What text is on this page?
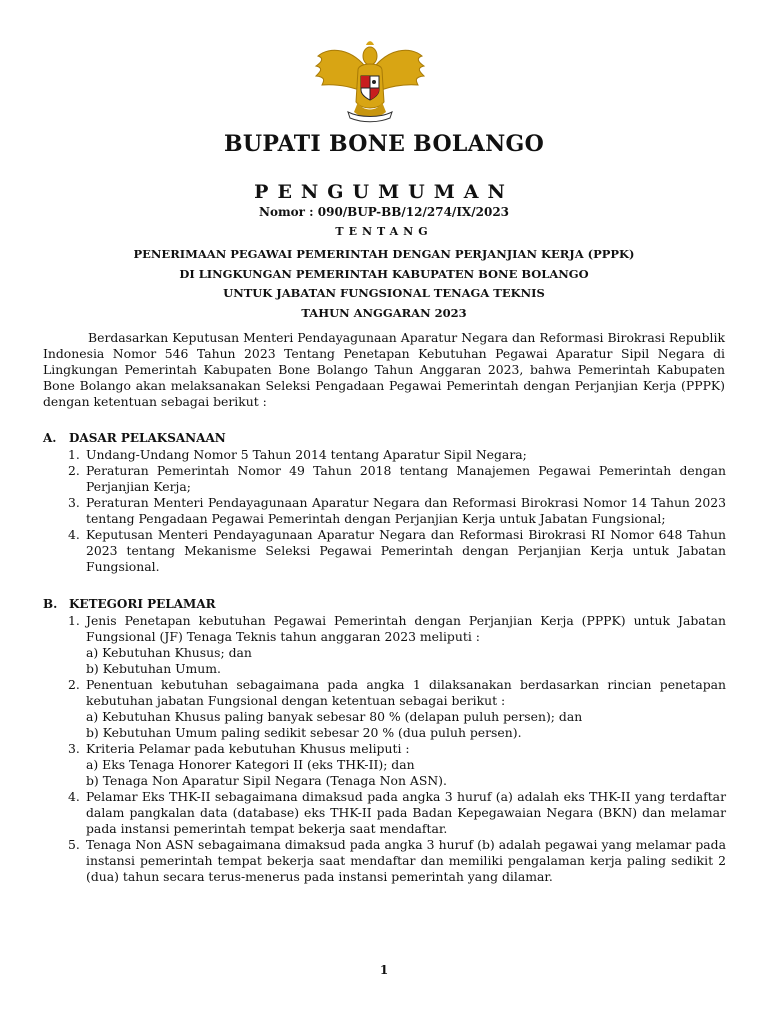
BUPATI BONE BOLANGO
PENGUMUMAN
Nomor : 090/BUP-BB/12/274/IX/2023
TENTANG
PENERIMAAN PEGAWAI PEMERINTAH DENGAN PERJANJIAN KERJA (PPPK)
DI LINGKUNGAN PEMERINTAH KABUPATEN BONE BOLANGO
UNTUK JABATAN FUNGSIONAL TENAGA TEKNIS
TAHUN ANGGARAN 2023

Berdasarkan Keputusan Menteri Pendayagunaan Aparatur Negara dan Reformasi Birokrasi Republik Indonesia Nomor 546 Tahun 2023 Tentang Penetapan Kebutuhan Pegawai Aparatur Sipil Negara di Lingkungan Pemerintah Kabupaten Bone Bolango Tahun Anggaran 2023, bahwa Pemerintah Kabupaten Bone Bolango akan melaksanakan Seleksi Pengadaan Pegawai Pemerintah dengan Perjanjian Kerja (PPPK) dengan ketentuan sebagai berikut :

A. DASAR PELAKSANAAN
1. Undang-Undang Nomor 5 Tahun 2014 tentang Aparatur Sipil Negara;
2. Peraturan Pemerintah Nomor 49 Tahun 2018 tentang Manajemen Pegawai Pemerintah dengan Perjanjian Kerja;
3. Peraturan Menteri Pendayagunaan Aparatur Negara dan Reformasi Birokrasi Nomor 14 Tahun 2023 tentang Pengadaan Pegawai Pemerintah dengan Perjanjian Kerja untuk Jabatan Fungsional;
4. Keputusan Menteri Pendayagunaan Aparatur Negara dan Reformasi Birokrasi RI Nomor 648 Tahun 2023 tentang Mekanisme Seleksi Pegawai Pemerintah dengan Perjanjian Kerja untuk Jabatan Fungsional.
B. KETEGORI PELAMAR
1. Jenis Penetapan kebutuhan Pegawai Pemerintah dengan Perjanjian Kerja (PPPK) untuk Jabatan Fungsional (JF) Tenaga Teknis tahun anggaran 2023 meliputi :
a) Kebutuhan Khusus; dan
b) Kebutuhan Umum.
2. Penentuan kebutuhan sebagaimana pada angka 1 dilaksanakan berdasarkan rincian penetapan kebutuhan jabatan Fungsional dengan ketentuan sebagai berikut :
a) Kebutuhan Khusus paling banyak sebesar 80 % (delapan puluh persen); dan
b) Kebutuhan Umum paling sedikit sebesar 20 % (dua puluh persen).
3. Kriteria Pelamar pada kebutuhan Khusus meliputi :
a) Eks Tenaga Honorer Kategori II (eks THK-II); dan
b) Tenaga Non Aparatur Sipil Negara (Tenaga Non ASN).
4. Pelamar Eks THK-II sebagaimana dimaksud pada angka 3 huruf (a) adalah eks THK-II yang terdaftar dalam pangkalan data (database) eks THK-II pada Badan Kepegawaian Negara (BKN) dan melamar pada instansi pemerintah tempat bekerja saat mendaftar.
5. Tenaga Non ASN sebagaimana dimaksud pada angka 3 huruf (b) adalah pegawai yang melamar pada instansi pemerintah tempat bekerja saat mendaftar dan memiliki pengalaman kerja paling sedikit 2 (dua) tahun secara terus-menerus pada instansi pemerintah yang dilamar.
1
